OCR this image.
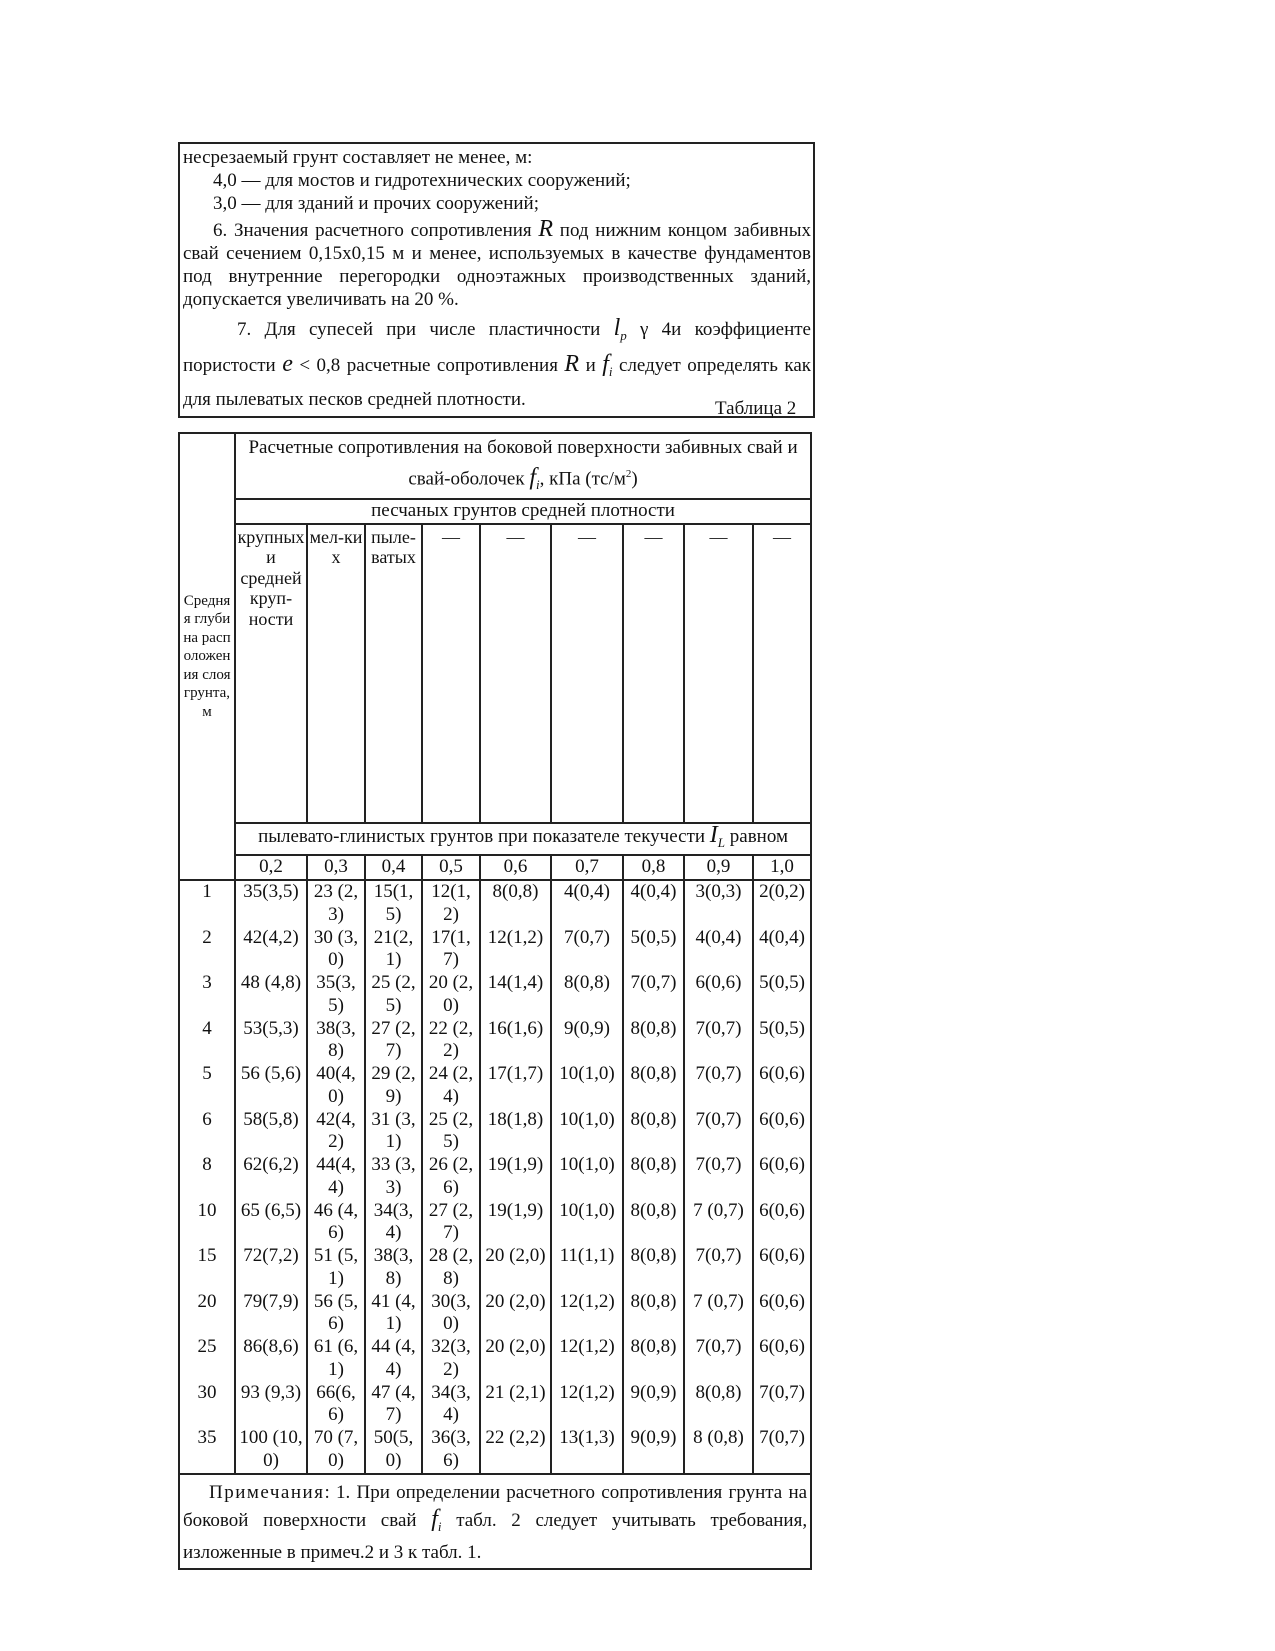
несрезаемый грунт составляет не менее, м:

4,0 — для мостов и гидротехнических сооружений;

3,0 — для зданий и прочих сооружений;

6. Значения расчетного сопротивления R под нижним концом забивных свай сечением 0,15x0,15 м и менее, используемых в качестве фундаментов под внутренние перегородки одноэтажных производственных зданий, допускается увеличивать на 20 %.

7. Для супесей при числе пластичности $l_p$ γ 4и коэффициенте пористости e < 0,8 расчетные сопротивления R и $f_i$ следует определять как для пылеватых песков средней плотности.	Таблица 2
Средняя глубина расположения слоя грунта, м	Расчетные сопротивления на боковой поверхности забивных свай и свай-оболочек $f_i$, кПа $(тс/м^2)$								
	песчаных грунтов средней плотности								
	крупных и средней круп-ности	мел-ких	пыле-ватых	—	—	—	—	—	—
	пылевато-глинистых грунтов при показателе текучести $I_L$ равном								
	0,2	0,3	0,4	0,5	0,6	0,7	0,8	0,9	1,0
1	35(3,5)	23 (2,3)	15(1,5)	12(1,2)	8(0,8)	4(0,4)	4(0,4)	3(0,3)	2(0,2)
2	42(4,2)	30 (3,0)	21(2,1)	17(1,7)	12(1,2)	7(0,7)	5(0,5)	4(0,4)	4(0,4)
3	48 (4,8)	35(3,5)	25 (2,5)	20 (2,0)	14(1,4)	8(0,8)	7(0,7)	6(0,6)	5(0,5)
4	53(5,3)	38(3,8)	27 (2,7)	22 (2,2)	16(1,6)	9(0,9)	8(0,8)	7(0,7)	5(0,5)
5	56 (5,6)	40(4,0)	29 (2,9)	24 (2,4)	17(1,7)	10(1,0)	8(0,8)	7(0,7)	6(0,6)
6	58(5,8)	42(4,2)	31 (3,1)	25 (2,5)	18(1,8)	10(1,0)	8(0,8)	7(0,7)	6(0,6)
8	62(6,2)	44(4,4)	33 (3,3)	26 (2,6)	19(1,9)	10(1,0)	8(0,8)	7(0,7)	6(0,6)
10	65 (6,5)	46 (4,6)	34(3,4)	27 (2,7)	19(1,9)	10(1,0)	8(0,8)	7 (0,7)	6(0,6)
15	72(7,2)	51 (5,1)	38(3,8)	28 (2,8)	20 (2,0)	11(1,1)	8(0,8)	7(0,7)	6(0,6)
20	79(7,9)	56 (5,6)	41 (4,1)	30(3,0)	20 (2,0)	12(1,2)	8(0,8)	7 (0,7)	6(0,6)
25	86(8,6)	61 (6,1)	44 (4,4)	32(3,2)	20 (2,0)	12(1,2)	8(0,8)	7(0,7)	6(0,6)
30	93 (9,3)	66(6,6)	47 (4,7)	34(3,4)	21 (2,1)	12(1,2)	9(0,9)	8(0,8)	7(0,7)
35	100 (10,0)	70 (7,0)	50(5,0)	36(3,6)	22 (2,2)	13(1,3)	9(0,9)	8 (0,8)	7(0,7)
Примечания: 1. При определении расчетного сопротивления грунта на боковой поверхности свай $f_i$ табл. 2 следует учитывать требования, изложенные в примеч.2 и 3 к табл. 1.									
